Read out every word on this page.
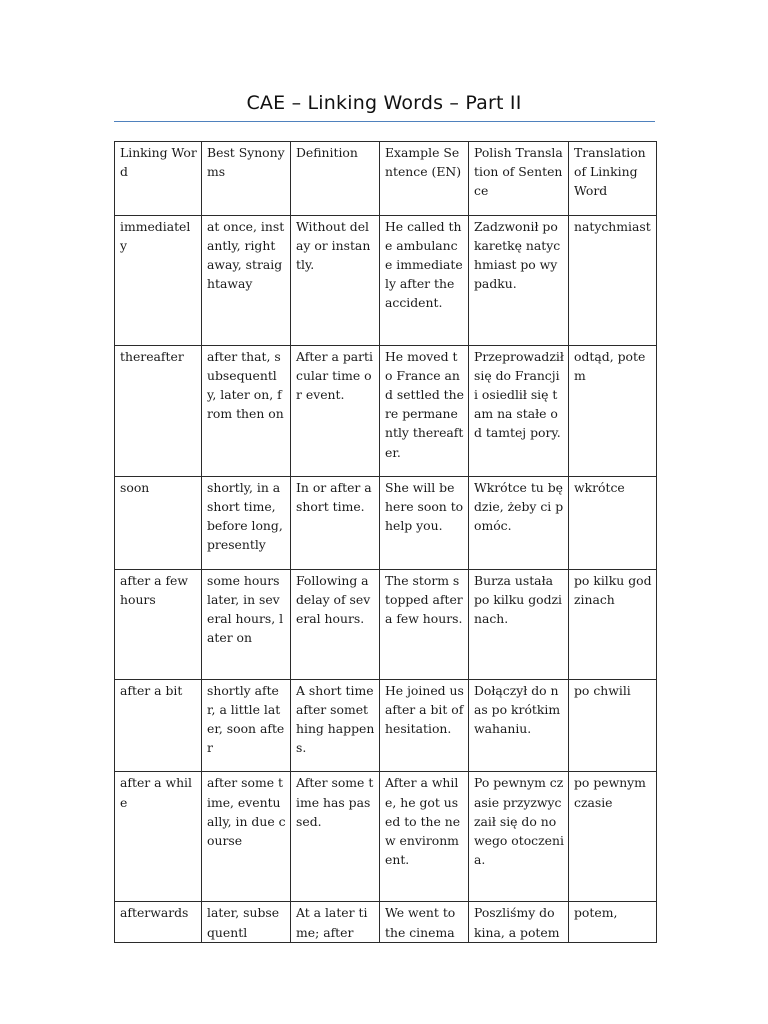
CAE – Linking Words – Part II
Linking Word	Best Synonyms	Definition	Example Sentence (EN)	Polish Translation of Sentence	Translation of Linking Word
immediately	at once, instantly, right away, straightaway	Without delay or instantly.	He called the ambulance immediately after the accident.	Zadzwonił po karetkę natychmiast po wypadku.	natychmiast
thereafter	after that, subsequently, later on, from then on	After a particular time or event.	He moved to France and settled there permanently thereafter.	Przeprowadził się do Francji i osiedlił się tam na stałe od tamtej pory.	odtąd, potem
soon	shortly, in a short time, before long, presently	In or after a short time.	She will be here soon to help you.	Wkrótce tu będzie, żeby ci pomóc.	wkrótce
after a few hours	some hours later, in several hours, later on	Following a delay of several hours.	The storm stopped after a few hours.	Burza ustała po kilku godzinach.	po kilku godzinach
after a bit	shortly after, a little later, soon after	A short time after something happens.	He joined us after a bit of hesitation.	Dołączył do nas po krótkim wahaniu.	po chwili
after a while	after some time, eventually, in due course	After some time has passed.	After a while, he got used to the new environment.	Po pewnym czasie przyzwyczaił się do nowego otoczenia.	po pewnym czasie
afterwards	later, subsequentl	At a later time; after	We went to the cinema	Poszliśmy do kina, a potem	potem,
